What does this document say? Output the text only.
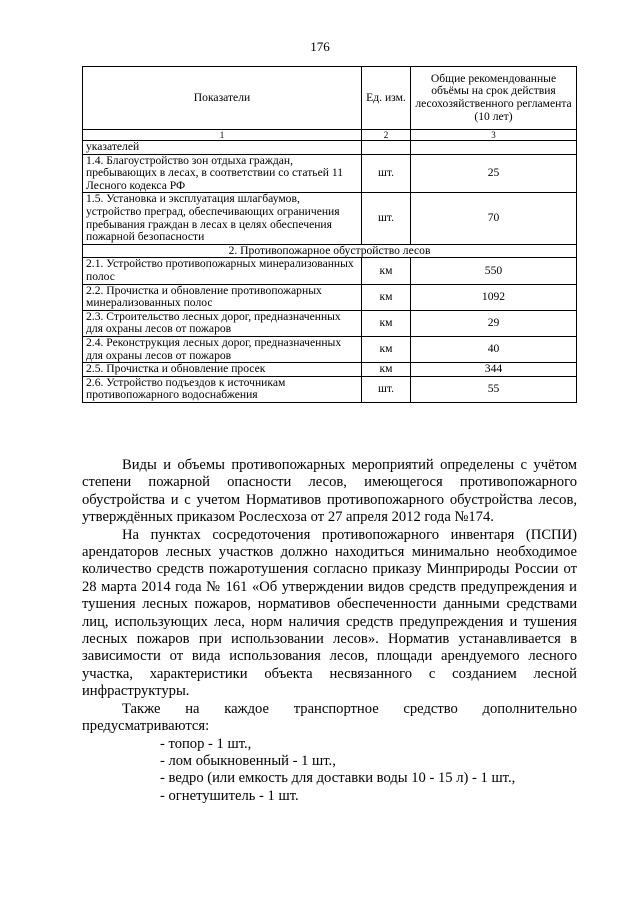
176
Показатели	Ед. изм.	Общие рекомендованные объёмы на срок действия лесохозяйственного регламента (10 лет)
1	2	3
указателей		
1.4. Благоустройство зон отдыха граждан, пребывающих в лесах, в соответствии со статьей 11 Лесного кодекса РФ	шт.	25
1.5. Установка и эксплуатация шлагбаумов, устройство преград, обеспечивающих ограничения пребывания граждан в лесах в целях обеспечения пожарной безопасности	шт.	70
2. Противопожарное обустройство лесов		
2.1. Устройство противопожарных минерализованных полос	км	550
2.2. Прочистка и обновление противопожарных минерализованных полос	км	1092
2.3. Строительство лесных дорог, предназначенных для охраны лесов от пожаров	км	29
2.4. Реконструкция лесных дорог, предназначенных для охраны лесов от пожаров	км	40
2.5. Прочистка и обновление просек	км	344
2.6. Устройство подъездов к источникам противопожарного водоснабжения	шт.	55

Виды и объемы противопожарных мероприятий определены с учётом степени пожарной опасности лесов, имеющегося противопожарного обустройства и с учетом Нормативов противопожарного обустройства лесов, утверждённых приказом Рослесхоза от 27 апреля 2012 года №174.

На пунктах сосредоточения противопожарного инвентаря (ПСПИ) арендаторов лесных участков должно находиться минимально необходимое количество средств пожаротушения согласно приказу Минприроды России от 28 марта 2014 года № 161 «Об утверждении видов средств предупреждения и тушения лесных пожаров, нормативов обеспеченности данными средствами лиц, использующих леса, норм наличия средств предупреждения и тушения лесных пожаров при использовании лесов». Норматив устанавливается в зависимости от вида использования лесов, площади арендуемого лесного участка, характеристики объекта несвязанного с созданием лесной инфраструктуры.

Также на каждое транспортное средство дополнительно предусматриваются:

- топор - 1 шт.,

- лом обыкновенный - 1 шт.,

- ведро (или емкость для доставки воды 10 - 15 л) - 1 шт.,

- огнетушитель - 1 шт.
